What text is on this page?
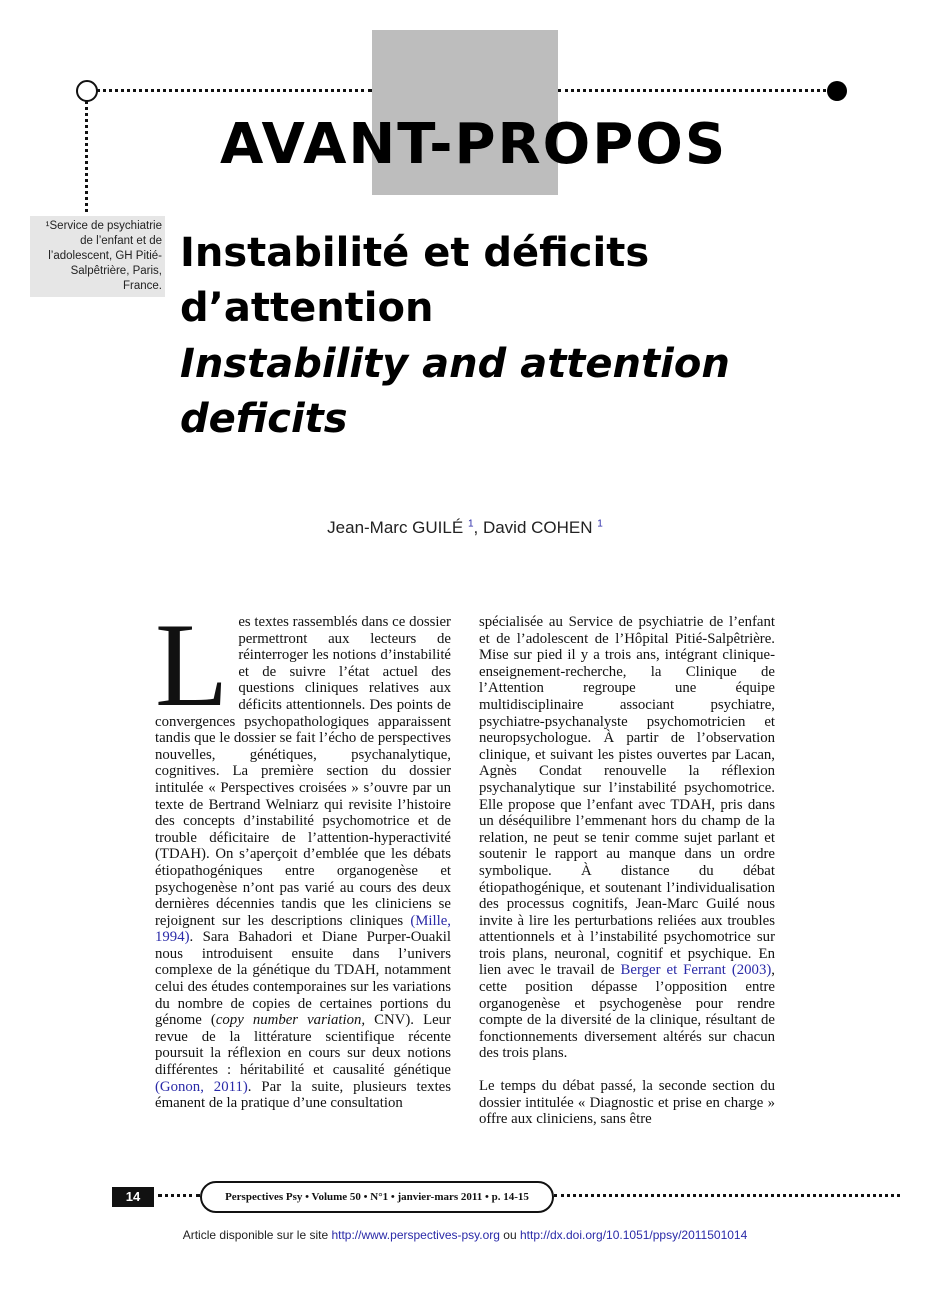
AVANT-PROPOS
¹Service de psychiatrie de l’enfant et de l’adolescent, GH Pitié-Salpêtrière, Paris, France.
Instabilité et déficits d’attention
Instability and attention deficits
Jean-Marc GUILÉ $^1$, David COHEN $^1$

Les textes rassemblés dans ce dossier permettront aux lecteurs de réinterroger les notions d’instabilité et de suivre l’état actuel des questions cliniques relatives aux déficits attentionnels. Des points de convergences psychopathologiques apparaissent tandis que le dossier se fait l’écho de perspectives nouvelles, génétiques, psychanalytique, cognitives. La première section du dossier intitulée « Perspectives croisées » s’ouvre par un texte de Bertrand Welniarz qui revisite l’histoire des concepts d’instabilité psychomotrice et de trouble déficitaire de l’attention-hyperactivité (TDAH). On s’aperçoit d’emblée que les débats étiopathogéniques entre organogenèse et psychogenèse n’ont pas varié au cours des deux dernières décennies tandis que les cliniciens se rejoignent sur les descriptions cliniques (Mille, 1994). Sara Bahadori et Diane Purper-Ouakil nous introduisent ensuite dans l’univers complexe de la génétique du TDAH, notamment celui des études contemporaines sur les variations du nombre de copies de certaines portions du génome (copy number variation, CNV). Leur revue de la littérature scientifique récente poursuit la réflexion en cours sur deux notions différentes : héritabilité et causalité génétique (Gonon, 2011). Par la suite, plusieurs textes émanent de la pratique d’une consultation

spécialisée au Service de psychiatrie de l’enfant et de l’adolescent de l’Hôpital Pitié-Salpêtrière. Mise sur pied il y a trois ans, intégrant clinique-enseignement-recherche, la Clinique de l’Attention regroupe une équipe multidisciplinaire associant psychiatre, psychiatre-psychanalyste psychomotricien et neuropsychologue. À partir de l’observation clinique, et suivant les pistes ouvertes par Lacan, Agnès Condat renouvelle la réflexion psychanalytique sur l’instabilité psychomotrice. Elle propose que l’enfant avec TDAH, pris dans un déséquilibre l’emmenant hors du champ de la relation, ne peut se tenir comme sujet parlant et soutenir le rapport au manque dans un ordre symbolique. À distance du débat étiopathogénique, et soutenant l’individualisation des processus cognitifs, Jean-Marc Guilé nous invite à lire les perturbations reliées aux troubles attentionnels et à l’instabilité psychomotrice sur trois plans, neuronal, cognitif et psychique. En lien avec le travail de Berger et Ferrant (2003), cette position dépasse l’opposition entre organogenèse et psychogenèse pour rendre compte de la diversité de la clinique, résultant de fonctionnements diversement altérés sur chacun des trois plans.

Le temps du débat passé, la seconde section du dossier intitulée « Diagnostic et prise en charge » offre aux cliniciens, sans être

14	Perspectives Psy • Volume 50 • N°1 • janvier-mars 2011 • p. 14-15
Article disponible sur le site http://www.perspectives-psy.org ou http://dx.doi.org/10.1051/ppsy/2011501014
